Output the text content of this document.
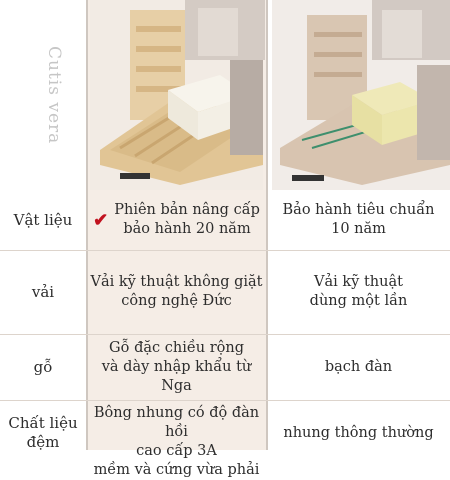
Cutis vera
Vật liệu	✔ Phiên bản nâng cấp
bảo hành 20 năm
Bảo hành tiêu chuẩn
10 năm
vải
Vải kỹ thuật không giặt
công nghệ Đức
Vải kỹ thuật
dùng một lần
gỗ
Gỗ đặc chiều rộng
và dày nhập khẩu từ Nga
bạch đàn
Chất liệu
đệm
Bông nhung có độ đàn hồi
cao cấp 3A
mềm và cứng vừa phải
nhung thông thường
